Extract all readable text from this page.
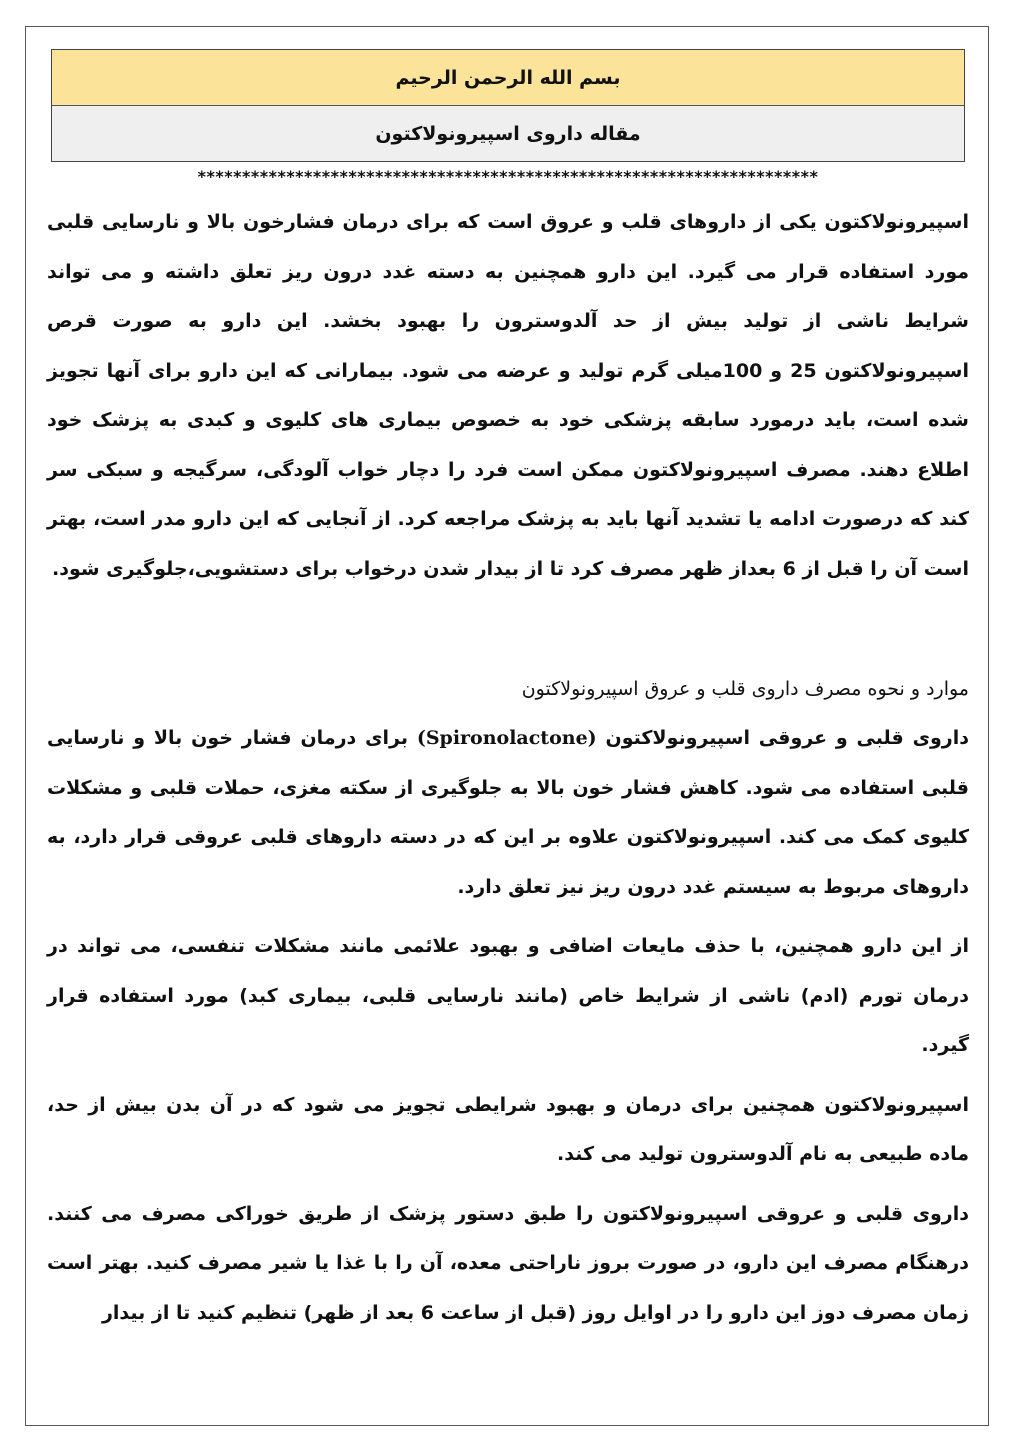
بسم الله الرحمن الرحیم
مقاله داروی اسپیرونولاکتون
**********************************************************************

اسپیرونولاکتون یکی از داروهای قلب و عروق است که برای درمان فشارخون بالا و نارسایی قلبی مورد استفاده قرار می گیرد. این دارو همچنین به دسته غدد درون ریز تعلق داشته و می تواند شرایط ناشی از تولید بیش از حد آلدوسترون را بهبود بخشد. این دارو به صورت قرص اسپیرونولاکتون 25 و 100میلی گرم تولید و عرضه می شود. بیمارانی که این دارو برای آنها تجویز شده است، باید درمورد سابقه پزشکی خود به خصوص بیماری های کلیوی و کبدی به پزشک خود اطلاع دهند. مصرف اسپیرونولاکتون ممکن است فرد را دچار خواب آلودگی، سرگیجه و سبکی سر کند که درصورت ادامه یا تشدید آنها باید به پزشک مراجعه کرد. از آنجایی که این دارو مدر است، بهتر است آن را قبل از 6 بعداز ظهر مصرف کرد تا از بیدار شدن درخواب برای دستشویی،جلوگیری شود.

موارد و نحوه مصرف داروی قلب و عروق اسپیرونولاکتون

داروی قلبی و عروقی اسپیرونولاکتون (Spironolactone) برای درمان فشار خون بالا و نارسایی قلبی استفاده می شود. کاهش فشار خون بالا به جلوگیری از سکته مغزی، حملات قلبی و مشکلات کلیوی کمک می کند. اسپیرونولاکتون علاوه بر این که در دسته داروهای قلبی عروقی قرار دارد، به داروهای مربوط به سیستم غدد درون ریز نیز تعلق دارد.

از این دارو همچنین، با حذف مایعات اضافی و بهبود علائمی مانند مشکلات تنفسی، می تواند در درمان تورم (ادم) ناشی از شرایط خاص (مانند نارسایی قلبی، بیماری کبد) مورد استفاده قرار گیرد.

اسپیرونولاکتون همچنین برای درمان و بهبود شرایطی تجویز می شود که در آن بدن بیش از حد، ماده طبیعی به نام آلدوسترون تولید می کند.

داروی قلبی و عروقی اسپیرونولاکتون را طبق دستور پزشک از طریق خوراکی مصرف می کنند. درهنگام مصرف این دارو، در صورت بروز ناراحتی معده، آن را با غذا یا شیر مصرف کنید. بهتر است زمان مصرف دوز این دارو را در اوایل روز (قبل از ساعت 6 بعد از ظهر) تنظیم کنید تا از بیدار
